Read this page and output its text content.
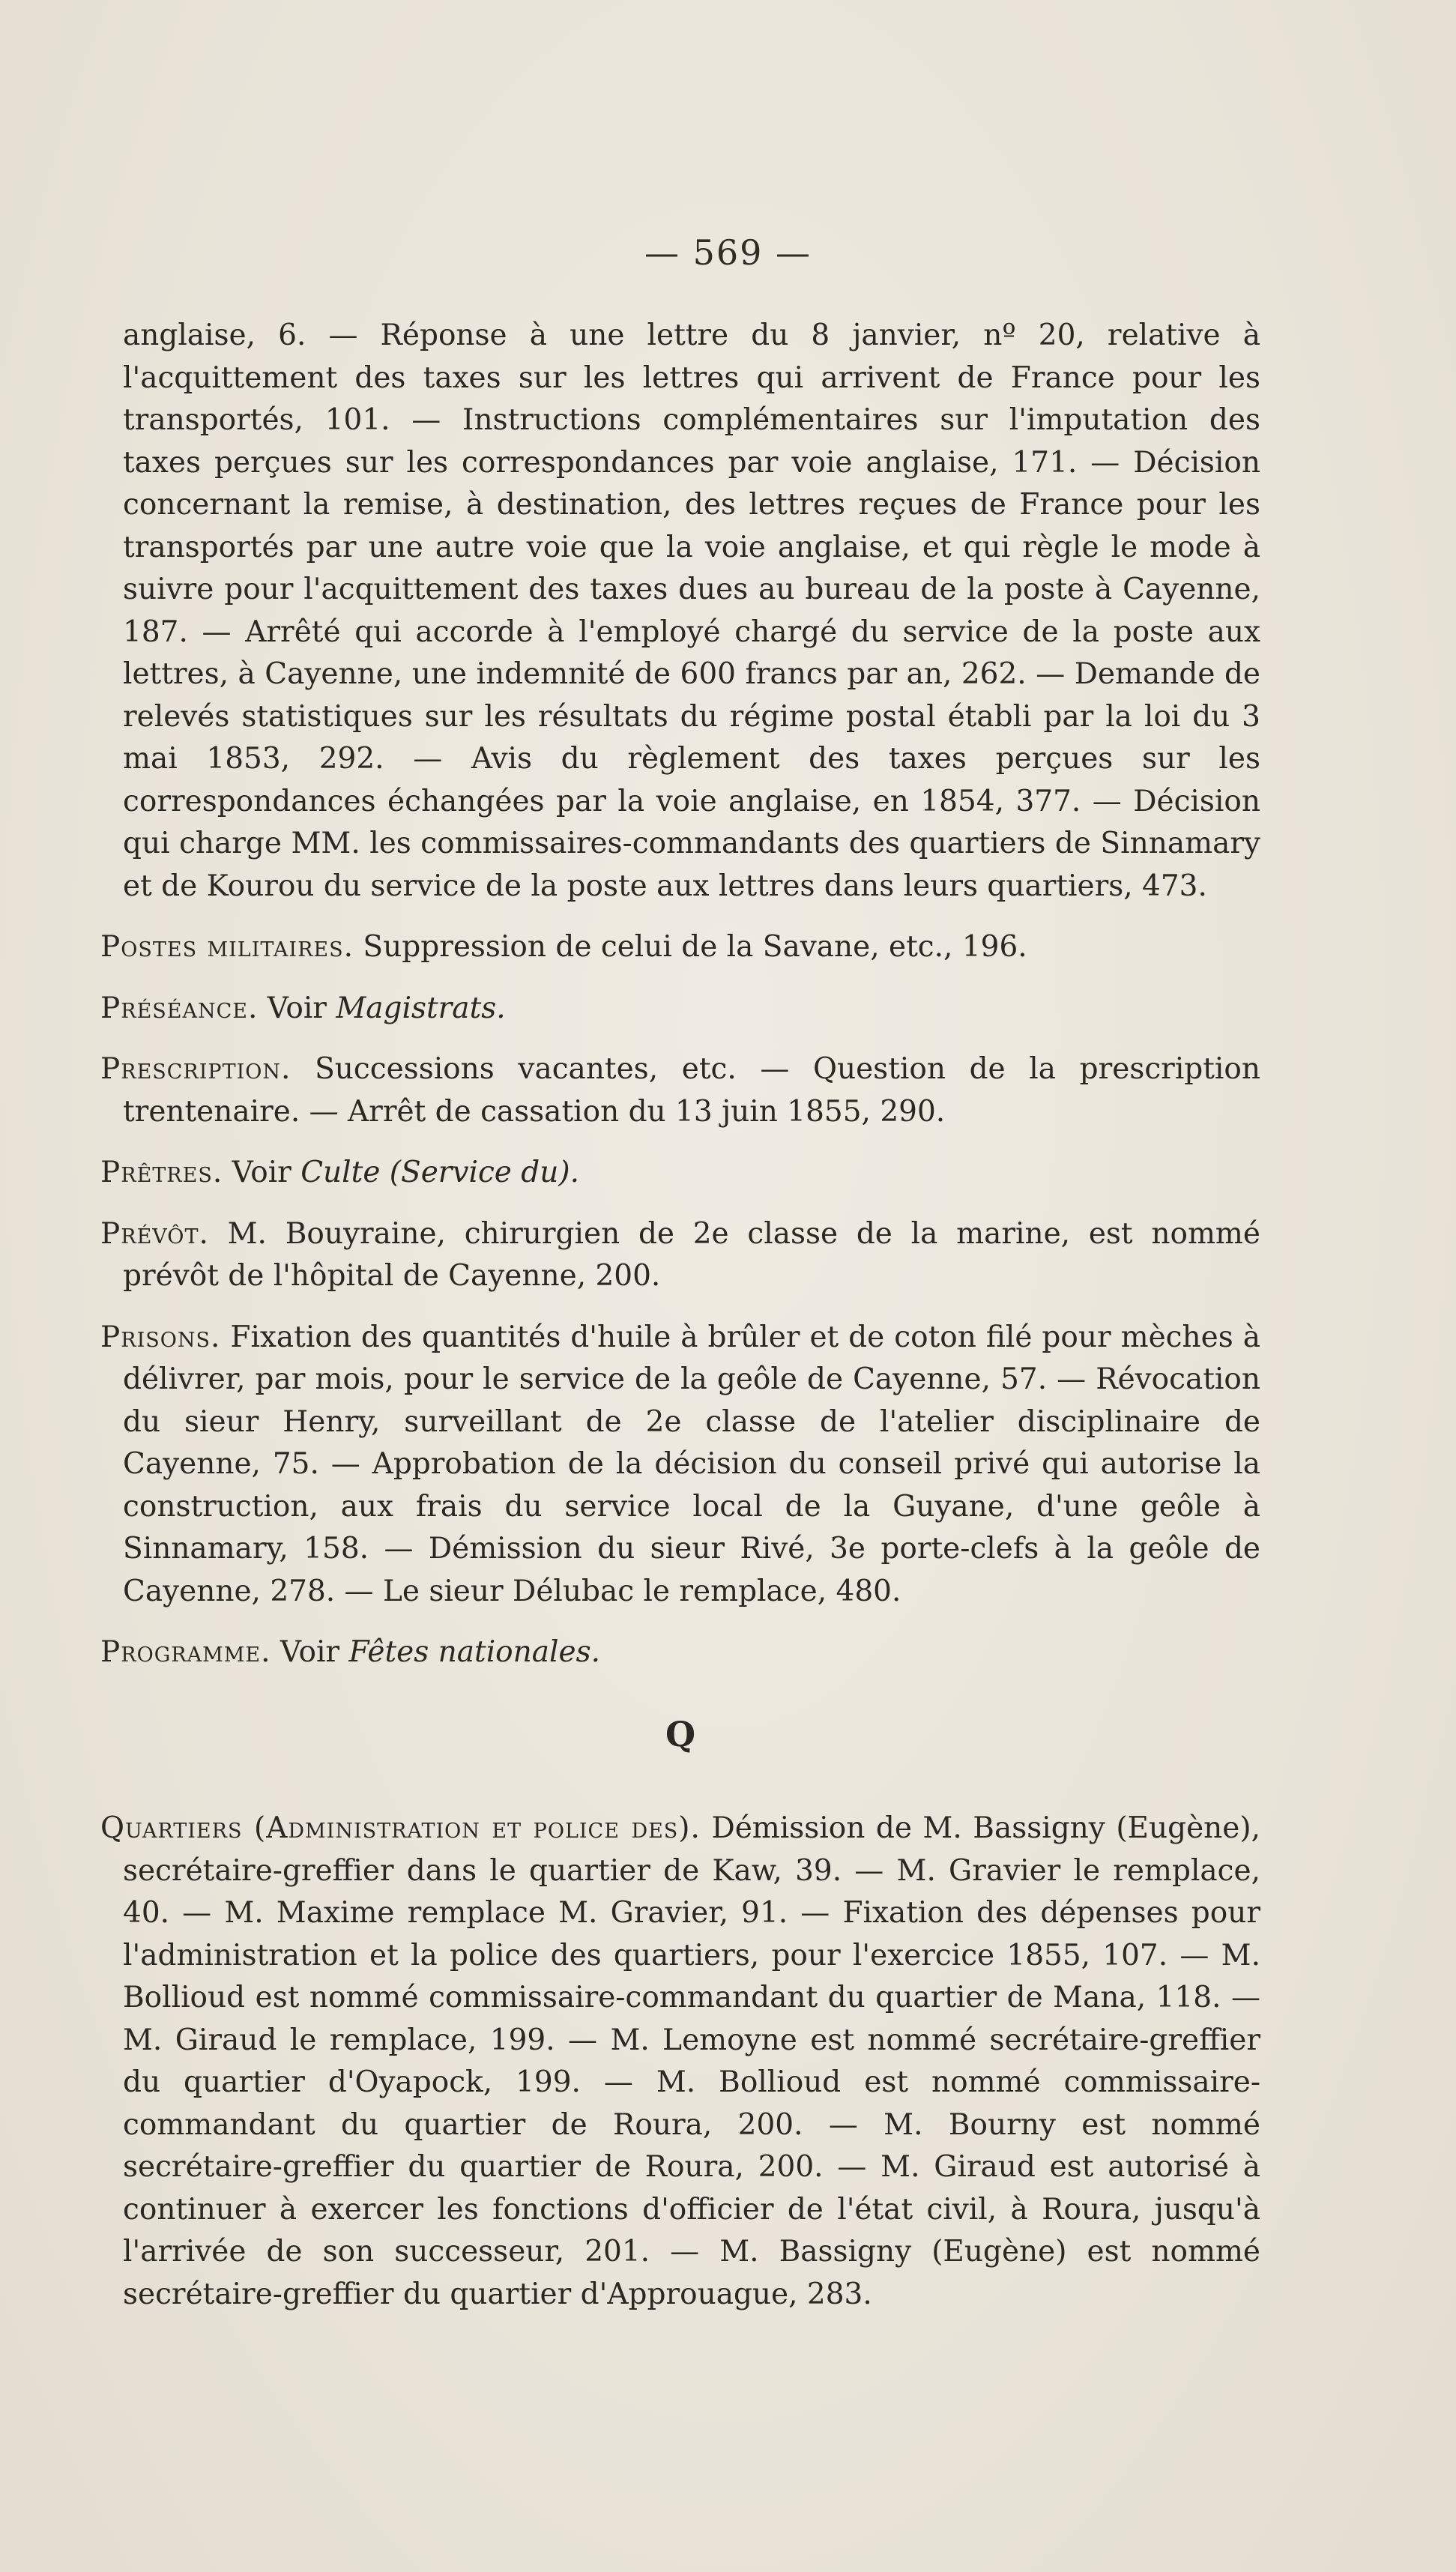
— 569 —

anglaise, 6. — Réponse à une lettre du 8 janvier, nº 20, relative à l'acquittement des taxes sur les lettres qui arrivent de France pour les transportés, 101. — Instructions complémentaires sur l'imputation des taxes perçues sur les correspondances par voie anglaise, 171. — Décision concernant la remise, à destination, des lettres reçues de France pour les transportés par une autre voie que la voie anglaise, et qui règle le mode à suivre pour l'acquittement des taxes dues au bureau de la poste à Cayenne, 187. — Arrêté qui accorde à l'employé chargé du service de la poste aux lettres, à Cayenne, une indemnité de 600 francs par an, 262. — Demande de relevés statistiques sur les résultats du régime postal établi par la loi du 3 mai 1853, 292. — Avis du règlement des taxes perçues sur les correspondances échangées par la voie anglaise, en 1854, 377. — Décision qui charge MM. les commissaires-commandants des quartiers de Sinnamary et de Kourou du service de la poste aux lettres dans leurs quartiers, 473.

Postes militaires. Suppression de celui de la Savane, etc., 196.

Préséance. Voir Magistrats.

Prescription. Successions vacantes, etc. — Question de la prescription trentenaire. — Arrêt de cassation du 13 juin 1855, 290.

Prêtres. Voir Culte (Service du).

Prévôt. M. Bouyraine, chirurgien de 2e classe de la marine, est nommé prévôt de l'hôpital de Cayenne, 200.

Prisons. Fixation des quantités d'huile à brûler et de coton filé pour mèches à délivrer, par mois, pour le service de la geôle de Cayenne, 57. — Révocation du sieur Henry, surveillant de 2e classe de l'atelier disciplinaire de Cayenne, 75. — Approbation de la décision du conseil privé qui autorise la construction, aux frais du service local de la Guyane, d'une geôle à Sinnamary, 158. — Démission du sieur Rivé, 3e porte-clefs à la geôle de Cayenne, 278. — Le sieur Délubac le remplace, 480.

Programme. Voir Fêtes nationales.

Q

Quartiers (Administration et police des). Démission de M. Bassigny (Eugène), secrétaire-greffier dans le quartier de Kaw, 39. — M. Gravier le remplace, 40. — M. Maxime remplace M. Gravier, 91. — Fixation des dépenses pour l'administration et la police des quartiers, pour l'exercice 1855, 107. — M. Bollioud est nommé commissaire-commandant du quartier de Mana, 118. — M. Giraud le remplace, 199. — M. Lemoyne est nommé secrétaire-greffier du quartier d'Oyapock, 199. — M. Bollioud est nommé commissaire-commandant du quartier de Roura, 200. — M. Bourny est nommé secrétaire-greffier du quartier de Roura, 200. — M. Giraud est autorisé à continuer à exercer les fonctions d'officier de l'état civil, à Roura, jusqu'à l'arrivée de son successeur, 201. — M. Bassigny (Eugène) est nommé secrétaire-greffier du quartier d'Approuague, 283.
